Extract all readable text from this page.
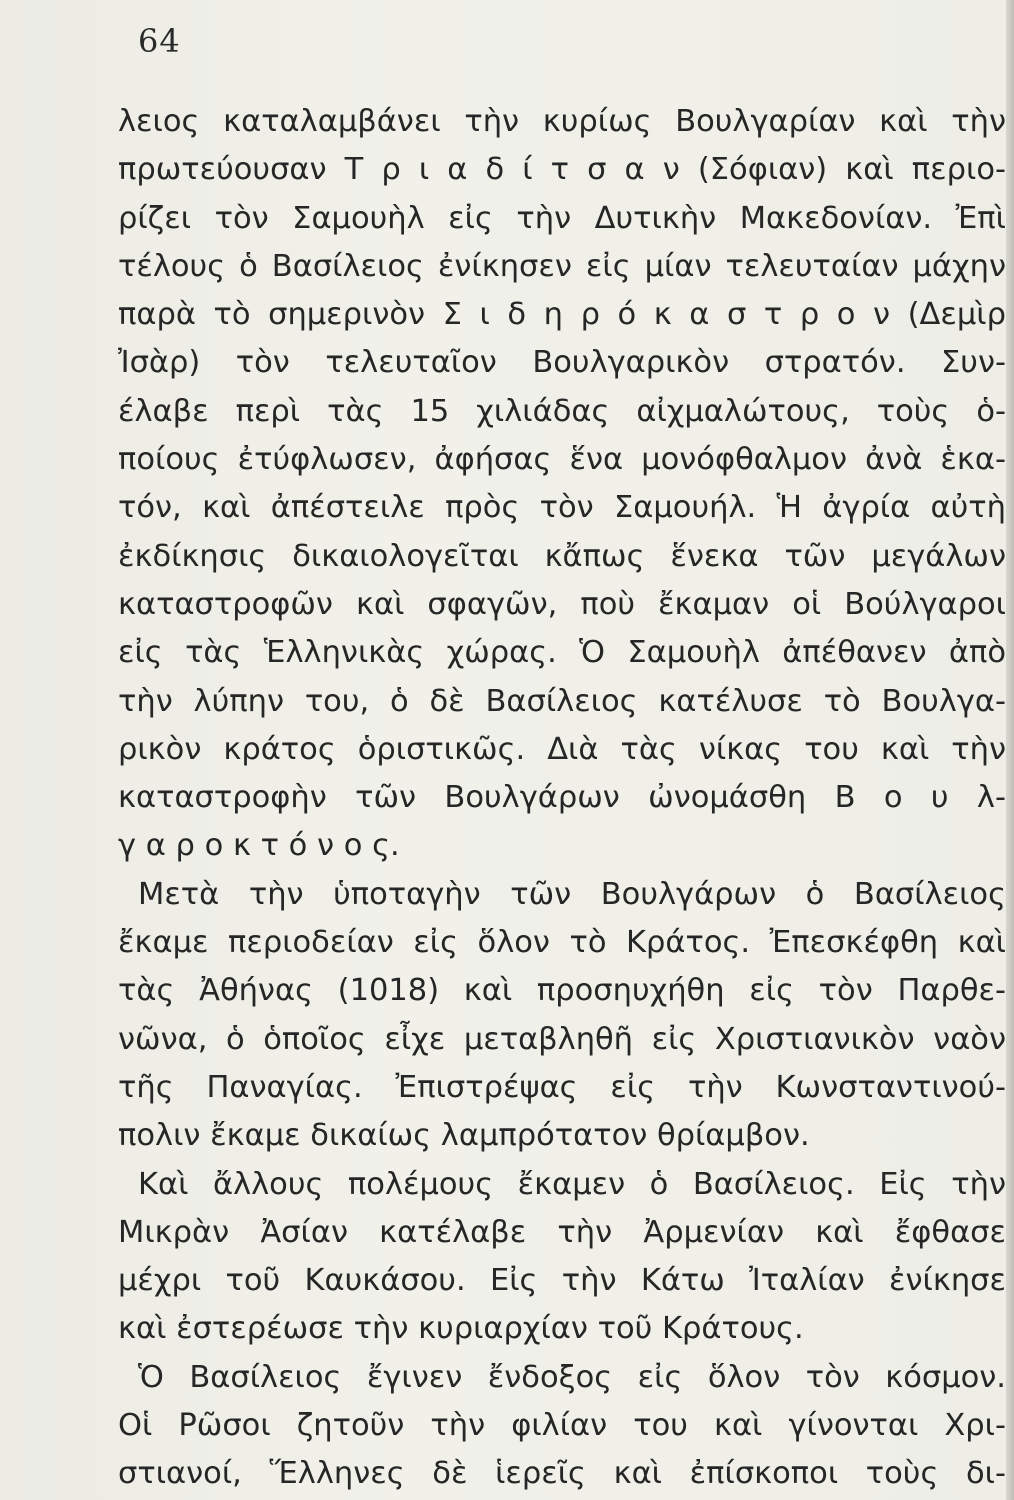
64
λειος καταλαμβάνει τὴν κυρίως Βουλγαρίαν καὶ τὴν
πρωτεύουσαν Τ ρ ι α δ ί τ σ α ν (Σόφιαν) καὶ περιο-
ρίζει τὸν Σαμουὴλ εἰς τὴν Δυτικὴν Μακεδονίαν. Ἐπὶ
τέλους ὁ Βασίλειος ἐνίκησεν εἰς μίαν τελευταίαν μάχην
παρὰ τὸ σημερινὸν Σ ι δ η ρ ό κ α σ τ ρ ο ν (Δεμὶρ
Ἰσὰρ) τὸν τελευταῖον Βουλγαρικὸν στρατόν. Συν-
έλαβε περὶ τὰς 15 χιλιάδας αἰχμαλώτους, τοὺς ὁ-
ποίους ἐτύφλωσεν, ἀφήσας ἕνα μονόφθαλμον ἀνὰ ἑκα-
τόν, καὶ ἀπέστειλε πρὸς τὸν Σαμουήλ. Ἡ ἀγρία αὐτὴ
ἐκδίκησις δικαιολογεῖται κἄπως ἕνεκα τῶν μεγάλων
καταστροφῶν καὶ σφαγῶν, ποὺ ἔκαμαν οἱ Βούλγαροι
εἰς τὰς Ἑλληνικὰς χώρας. Ὁ Σαμουὴλ ἀπέθανεν ἀπὸ
τὴν λύπην του, ὁ δὲ Βασίλειος κατέλυσε τὸ Βουλγα-
ρικὸν κράτος ὁριστικῶς. Διὰ τὰς νίκας του καὶ τὴν
καταστροφὴν τῶν Βουλγάρων ὠνομάσθη Β ο υ λ-
γ α ρ ο κ τ ό ν ο ς.
Μετὰ τὴν ὑποταγὴν τῶν Βουλγάρων ὁ Βασίλειος
ἔκαμε περιοδείαν εἰς ὅλον τὸ Κράτος. Ἐπεσκέφθη καὶ
τὰς Ἀθήνας (1018) καὶ προσηυχήθη εἰς τὸν Παρθε-
νῶνα, ὁ ὁποῖος εἶχε μεταβληθῆ εἰς Χριστιανικὸν ναὸν
τῆς Παναγίας. Ἐπιστρέψας εἰς τὴν Κωνσταντινού-
πολιν ἔκαμε δικαίως λαμπρότατον θρίαμβον.
Καὶ ἄλλους πολέμους ἔκαμεν ὁ Βασίλειος. Εἰς τὴν
Μικρὰν Ἀσίαν κατέλαβε τὴν Ἀρμενίαν καὶ ἔφθασε
μέχρι τοῦ Καυκάσου. Εἰς τὴν Κάτω Ἰταλίαν ἐνίκησε
καὶ ἐστερέωσε τὴν κυριαρχίαν τοῦ Κράτους.
Ὁ Βασίλειος ἔγινεν ἔνδοξος εἰς ὅλον τὸν κόσμον.
Οἱ Ρῶσοι ζητοῦν τὴν φιλίαν του καὶ γίνονται Χρι-
στιανοί, Ἕλληνες δὲ ἱερεῖς καὶ ἐπίσκοποι τοὺς δι-
